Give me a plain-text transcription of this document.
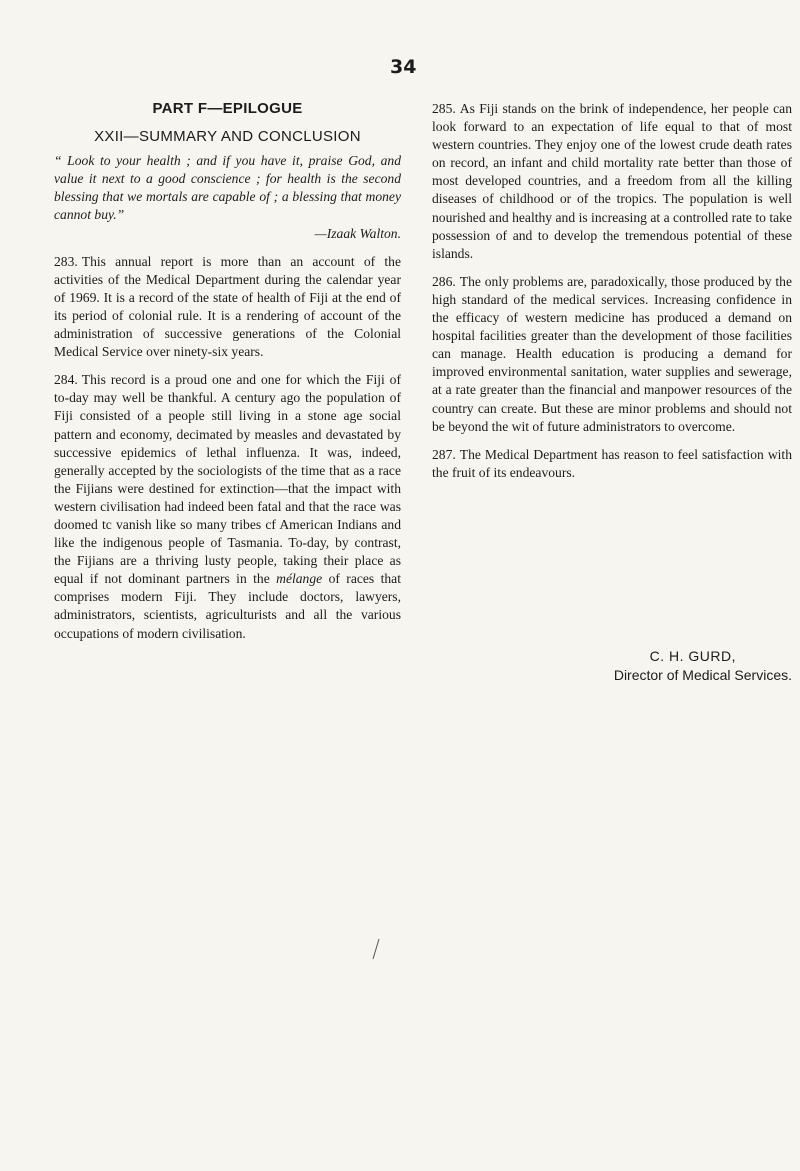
34
PART F—EPILOGUE
XXII—SUMMARY AND CONCLUSION
“ Look to your health ; and if you have it, praise God, and value it next to a good conscience ; for health is the second blessing that we mortals are capable of ; a blessing that money cannot buy.”
—Izaak Walton.

283. This annual report is more than an account of the activities of the Medical Department during the calendar year of 1969. It is a record of the state of health of Fiji at the end of its period of colonial rule. It is a rendering of account of the administration of successive generations of the Colonial Medical Service over ninety-six years.

284. This record is a proud one and one for which the Fiji of to-day may well be thankful. A century ago the population of Fiji consisted of a people still living in a stone age social pattern and economy, decimated by measles and devastated by successive epidemics of lethal influenza. It was, indeed, generally accepted by the sociologists of the time that as a race the Fijians were destined for extinction—that the impact with western civilisation had indeed been fatal and that the race was doomed tc vanish like so many tribes cf American Indians and like the indigenous people of Tasmania. To-day, by contrast, the Fijians are a thriving lusty people, taking their place as equal if not dominant partners in the mélange of races that comprises modern Fiji. They include doctors, lawyers, administrators, scientists, agriculturists and all the various occupations of modern civilisation.

285. As Fiji stands on the brink of independence, her people can look forward to an expectation of life equal to that of most western countries. They enjoy one of the lowest crude death rates on record, an infant and child mortality rate better than those of most developed countries, and a freedom from all the killing diseases of childhood or of the tropics. The population is well nourished and healthy and is increasing at a controlled rate to take possession of and to develop the tremendous potential of these islands.

286. The only problems are, paradoxically, those produced by the high standard of the medical services. Increasing confidence in the efficacy of western medicine has produced a demand on hospital facilities greater than the development of those facilities can manage. Health education is producing a demand for improved environmental sanitation, water supplies and sewerage, at a rate greater than the financial and manpower resources of the country can create. But these are minor problems and should not be beyond the wit of future administrators to overcome.

287. The Medical Department has reason to feel satisfaction with the fruit of its endeavours.

C. H. GURD,
Director of Medical Services.
